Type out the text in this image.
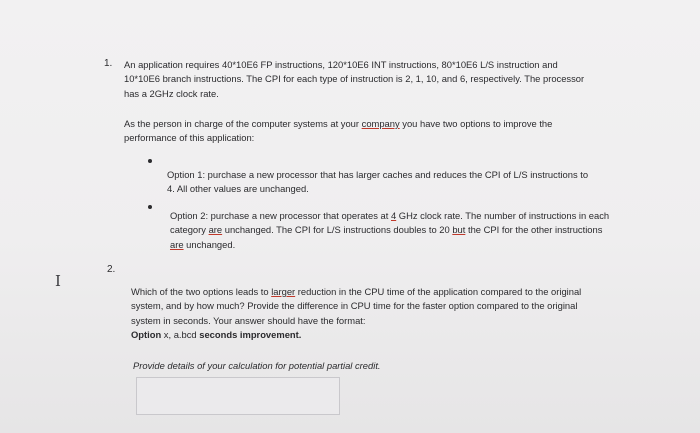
1. An application requires 40*10E6 FP instructions, 120*10E6 INT instructions, 80*10E6 L/S instruction and 10*10E6 branch instructions. The CPI for each type of instruction is 2, 1, 10, and 6, respectively. The processor has a 2GHz clock rate.
As the person in charge of the computer systems at your company you have two options to improve the performance of this application:
Option 1: purchase a new processor that has larger caches and reduces the CPI of L/S instructions to 4. All other values are unchanged.
Option 2: purchase a new processor that operates at 4 GHz clock rate. The number of instructions in each category are unchanged. The CPI for L/S instructions doubles to 20 but the CPI for the other instructions are unchanged.
2.
I
Which of the two options leads to larger reduction in the CPU time of the application compared to the original system, and by how much? Provide the difference in CPU time for the faster option compared to the original system in seconds. Your answer should have the format:
Option x, a.bcd seconds improvement.
Provide details of your calculation for potential partial credit.
